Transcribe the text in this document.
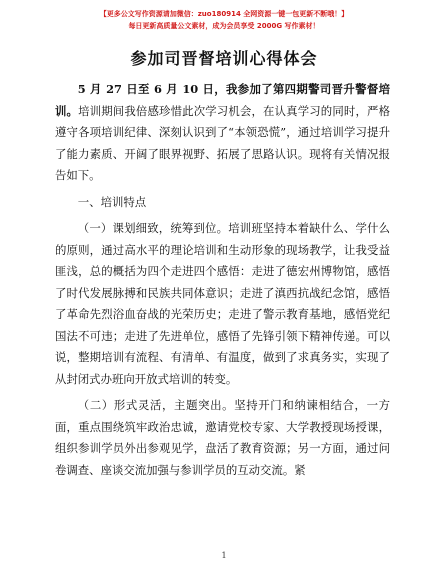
【更多公文写作资源请加微信：zuo180914 全网资源一键一包更新不断哦！】
每日更新高质量公文素材，成为会员享受 2000G 写作素材！
参加司晋督培训心得体会

5 月 27 日至 6 月 10 日，我参加了第四期警司晋升警督培训。培训期间我倍感珍惜此次学习机会，在认真学习的同时，严格遵守各项培训纪律、深刻认识到了“本领恐慌”，通过培训学习提升了能力素质、开阔了眼界视野、拓展了思路认识。现将有关情况报告如下。

一、培训特点

（一）课划细致，统筹到位。培训班坚持本着缺什么、学什么的原则，通过高水平的理论培训和生动形象的现场教学，让我受益匪浅，总的概括为四个走进四个感悟：走进了德宏州博物馆，感悟了时代发展脉搏和民族共同体意识；走进了滇西抗战纪念馆，感悟了革命先烈浴血奋战的光荣历史；走进了警示教育基地，感悟党纪国法不可违；走进了先进单位，感悟了先锋引领下精神传递。可以说，整期培训有流程、有清单、有温度，做到了求真务实，实现了从封闭式办班向开放式培训的转变。

（二）形式灵活，主题突出。坚持开门和纳谏相结合，一方面，重点围绕筑牢政治忠诚，邀请党校专家、大学教授现场授课，组织参训学员外出参观见学，盘活了教育资源；另一方面，通过问卷调查、座谈交流加强与参训学员的互动交流。紧

1
